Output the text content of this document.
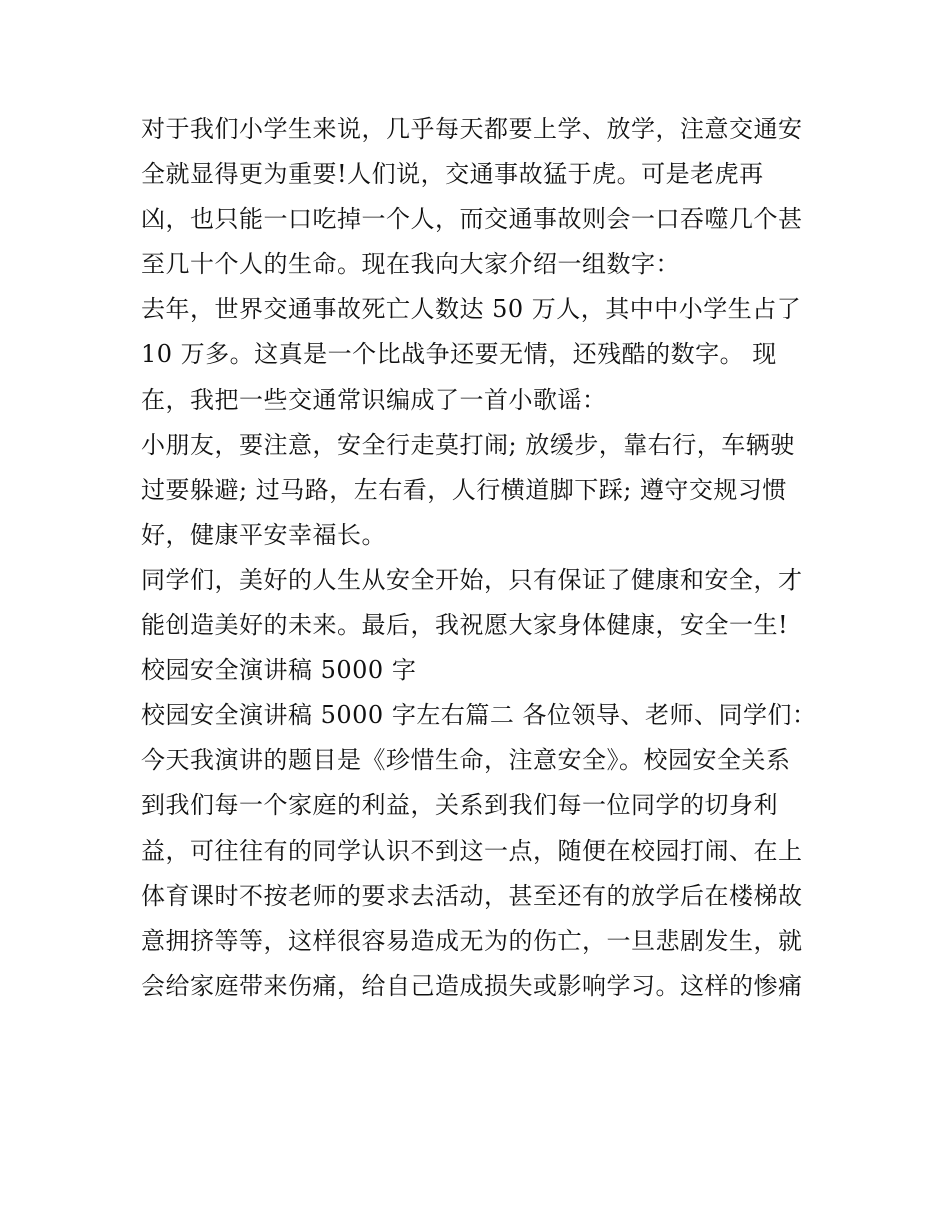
对于我们小学生来说，几乎每天都要上学、放学，注意交通安
全就显得更为重要!人们说，交通事故猛于虎。可是老虎再
凶，也只能一口吃掉一个人，而交通事故则会一口吞噬几个甚
至几十个人的生命。现在我向大家介绍一组数字：
去年，世界交通事故死亡人数达 50 万人，其中中小学生占了
10 万多。这真是一个比战争还要无情，还残酷的数字。 现
在，我把一些交通常识编成了一首小歌谣：
小朋友，要注意，安全行走莫打闹; 放缓步，靠右行，车辆驶
过要躲避; 过马路，左右看，人行横道脚下踩; 遵守交规习惯
好，健康平安幸福长。
同学们，美好的人生从安全开始，只有保证了健康和安全，才
能创造美好的未来。最后，我祝愿大家身体健康，安全一生!
校园安全演讲稿 5000 字
校园安全演讲稿 5000 字左右篇二 各位领导、老师、同学们：
今天我演讲的题目是《珍惜生命，注意安全》。校园安全关系
到我们每一个家庭的利益，关系到我们每一位同学的切身利
益，可往往有的同学认识不到这一点，随便在校园打闹、在上
体育课时不按老师的要求去活动，甚至还有的放学后在楼梯故
意拥挤等等，这样很容易造成无为的伤亡，一旦悲剧发生，就
会给家庭带来伤痛，给自己造成损失或影响学习。这样的惨痛
